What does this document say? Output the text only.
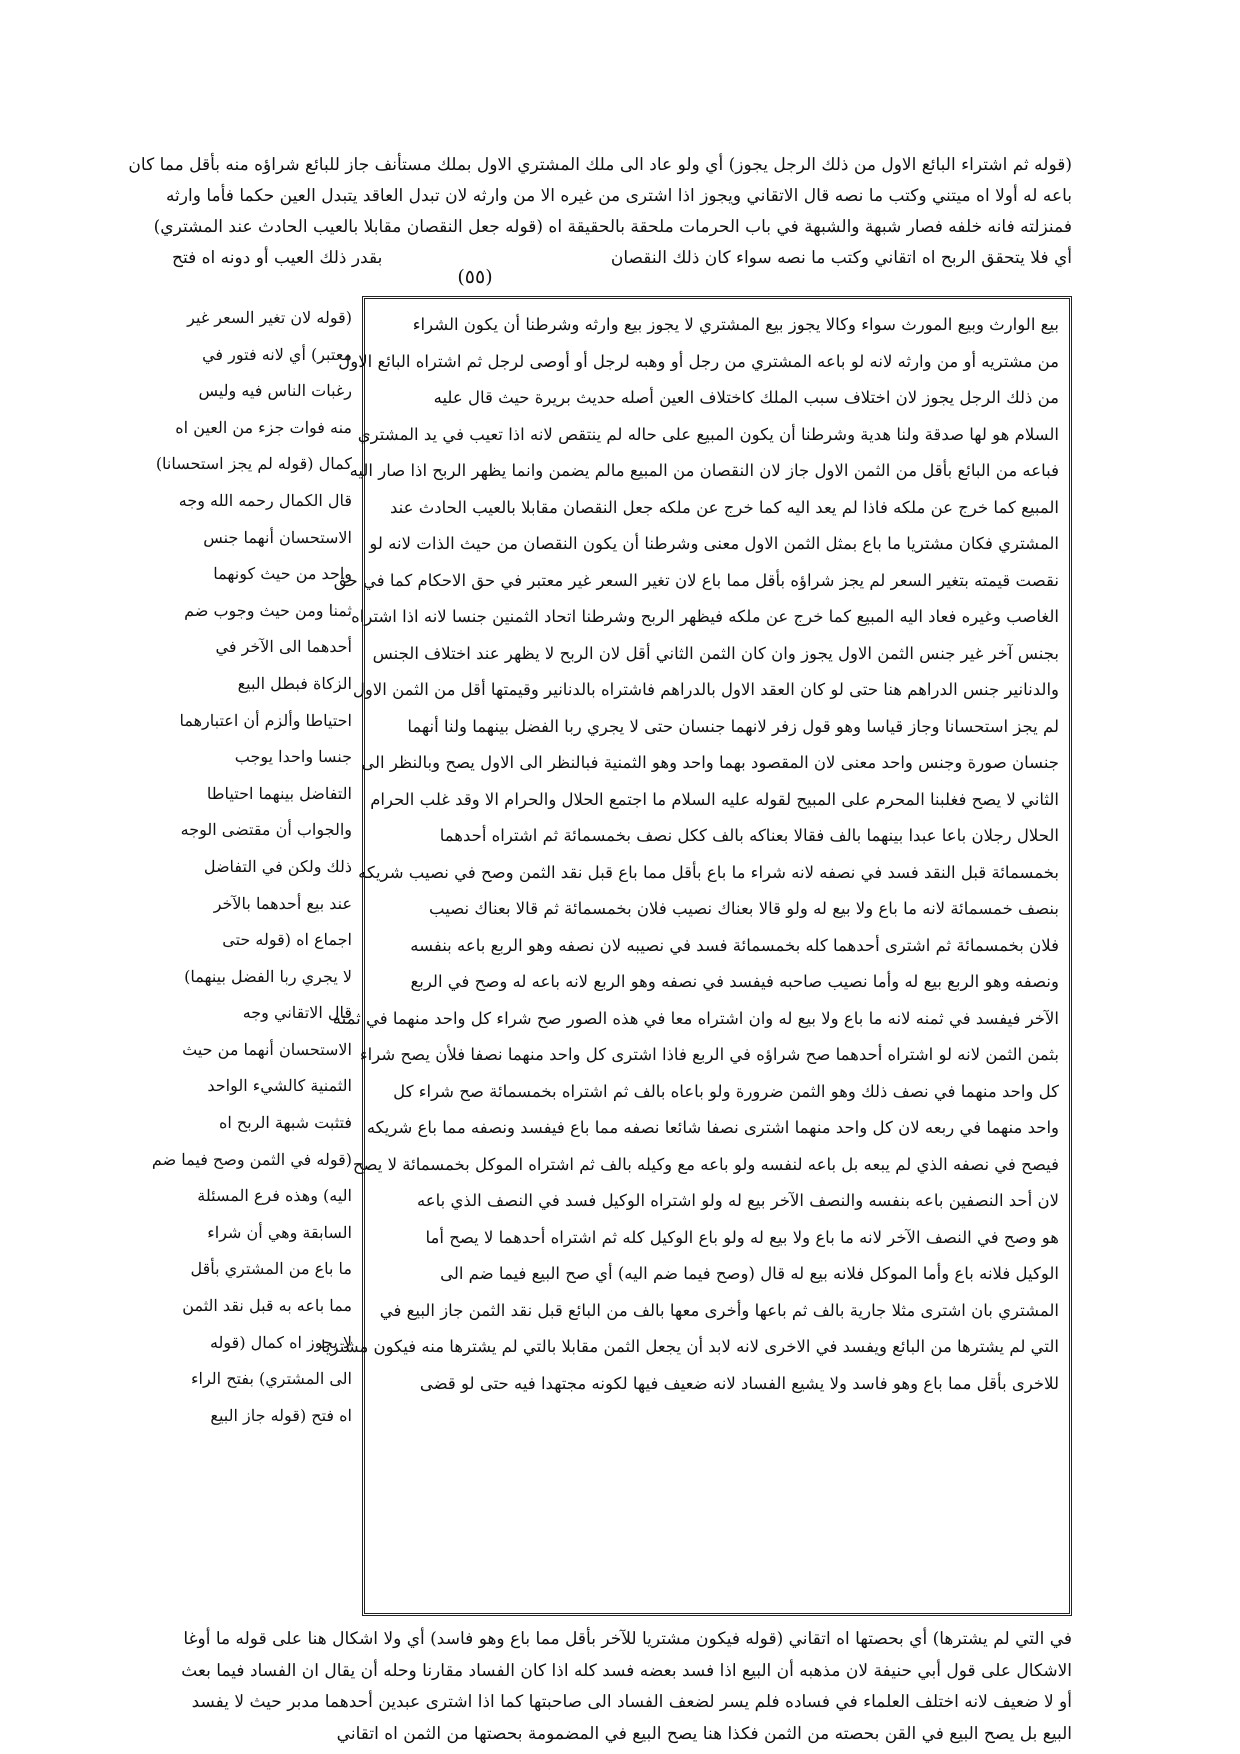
(قوله ثم اشتراء البائع الاول من ذلك الرجل يجوز) أي ولو عاد الى ملك المشتري الاول بملك مستأنف جاز للبائع شراؤه منه بأقل مما كان
باعه له أولا اه ميتني وكتب ما نصه قال الاتقاني ويجوز اذا اشترى من غيره الا من وارثه لان تبدل العاقد يتبدل العين حكما فأما وارثه
فمنزلته فانه خلفه فصار شبهة والشبهة في باب الحرمات ملحقة بالحقيقة اه (قوله جعل النقصان مقابلا بالعيب الحادث عند المشتري)
أي فلا يتحقق الربح اه اتقاني وكتب ما نصه سواء كان ذلك النقصان
بقدر ذلك العيب أو دونه اه فتح
(٥٥)
بيع الوارث وبيع المورث سواء وكالا يجوز بيع المشتري لا يجوز بيع وارثه وشرطنا أن يكون الشراء
من مشتريه أو من وارثه لانه لو باعه المشتري من رجل أو وهبه لرجل أو أوصى لرجل ثم اشتراه البائع الاول
من ذلك الرجل يجوز لان اختلاف سبب الملك كاختلاف العين أصله حديث بريرة حيث قال عليه
السلام هو لها صدقة ولنا هدية وشرطنا أن يكون المبيع على حاله لم ينتقص لانه اذا تعيب في يد المشتري
فباعه من البائع بأقل من الثمن الاول جاز لان النقصان من المبيع مالم يضمن وانما يظهر الربح اذا صار اليه
المبيع كما خرج عن ملكه فاذا لم يعد اليه كما خرج عن ملكه جعل النقصان مقابلا بالعيب الحادث عند
المشتري فكان مشتريا ما باع بمثل الثمن الاول معنى وشرطنا أن يكون النقصان من حيث الذات لانه لو
نقصت قيمته بتغير السعر لم يجز شراؤه بأقل مما باع لان تغير السعر غير معتبر في حق الاحكام كما في حق
الغاصب وغيره فعاد اليه المبيع كما خرج عن ملكه فيظهر الربح وشرطنا اتحاد الثمنين جنسا لانه اذا اشتراه
بجنس آخر غير جنس الثمن الاول يجوز وان كان الثمن الثاني أقل لان الربح لا يظهر عند اختلاف الجنس
والدنانير جنس الدراهم هنا حتى لو كان العقد الاول بالدراهم فاشتراه بالدنانير وقيمتها أقل من الثمن الاول
لم يجز استحسانا وجاز قياسا وهو قول زفر لانهما جنسان حتى لا يجري ربا الفضل بينهما ولنا أنهما
جنسان صورة وجنس واحد معنى لان المقصود بهما واحد وهو الثمنية فبالنظر الى الاول يصح وبالنظر الى
الثاني لا يصح فغلبنا المحرم على المبيح لقوله عليه السلام ما اجتمع الحلال والحرام الا وقد غلب الحرام
الحلال رجلان باعا عبدا بينهما بالف فقالا بعناكه بالف ككل نصف بخمسمائة ثم اشتراه أحدهما
بخمسمائة قبل النقد فسد في نصفه لانه شراء ما باع بأقل مما باع قبل نقد الثمن وصح في نصيب شريكه
بنصف خمسمائة لانه ما باع ولا بيع له ولو قالا بعناك نصيب فلان بخمسمائة ثم قالا بعناك نصيب
فلان بخمسمائة ثم اشترى أحدهما كله بخمسمائة فسد في نصيبه لان نصفه وهو الربع باعه بنفسه
ونصفه وهو الربع بيع له وأما نصيب صاحبه فيفسد في نصفه وهو الربع لانه باعه له وصح في الربع
الآخر فيفسد في ثمنه لانه ما باع ولا بيع له وان اشتراه معا في هذه الصور صح شراء كل واحد منهما في ثمنه
بثمن الثمن لانه لو اشتراه أحدهما صح شراؤه في الربع فاذا اشترى كل واحد منهما نصفا فلأن يصح شراء
كل واحد منهما في نصف ذلك وهو الثمن ضرورة ولو باعاه بالف ثم اشتراه بخمسمائة صح شراء كل
واحد منهما في ربعه لان كل واحد منهما اشترى نصفا شائعا نصفه مما باع فيفسد ونصفه مما باع شريكه
فيصح في نصفه الذي لم يبعه بل باعه لنفسه ولو باعه مع وكيله بالف ثم اشتراه الموكل بخمسمائة لا يصح
لان أحد النصفين باعه بنفسه والنصف الآخر بيع له ولو اشتراه الوكيل فسد في النصف الذي باعه
هو وصح في النصف الآخر لانه ما باع ولا بيع له ولو باع الوكيل كله ثم اشتراه أحدهما لا يصح أما
الوكيل فلانه باع وأما الموكل فلانه بيع له قال (وصح فيما ضم اليه) أي صح البيع فيما ضم الى
المشتري بان اشترى مثلا جارية بالف ثم باعها وأخرى معها بالف من البائع قبل نقد الثمن جاز البيع في
التي لم يشترها من البائع ويفسد في الاخرى لانه لابد أن يجعل الثمن مقابلا بالتي لم يشترها منه فيكون مشتريا
للاخرى بأقل مما باع وهو فاسد ولا يشيع الفساد لانه ضعيف فيها لكونه مجتهدا فيه حتى لو قضى
(قوله لان تغير السعر غير
معتبر) أي لانه فتور في
رغبات الناس فيه وليس
منه فوات جزء من العين اه
كمال (قوله لم يجز استحسانا)
قال الكمال رحمه الله وجه
الاستحسان أنهما جنس
واحد من حيث كونهما
ثمنا ومن حيث وجوب ضم
أحدهما الى الآخر في
الزكاة فبطل البيع
احتياطا وألزم أن اعتبارهما
جنسا واحدا يوجب
التفاضل بينهما احتياطا
والجواب أن مقتضى الوجه
ذلك ولكن في التفاضل
عند بيع أحدهما بالآخر
اجماع اه (قوله حتى
لا يجري ربا الفضل بينهما)
قال الاتقاني وجه
الاستحسان أنهما من حيث
الثمنية كالشيء الواحد
فتثبت شبهة الربح اه
(قوله في الثمن وصح فيما ضم
اليه) وهذه فرع المسئلة
السابقة وهي أن شراء
ما باع من المشتري بأقل
مما باعه به قبل نقد الثمن
لا يجوز اه كمال (قوله
الى المشتري) بفتح الراء
اه فتح (قوله جاز البيع
في التي لم يشترها) أي بحصتها اه اتقاني (قوله فيكون مشتريا للآخر بأقل مما باع وهو فاسد) أي ولا اشكال هنا على قوله ما أوغا
الاشكال على قول أبي حنيفة لان مذهبه أن البيع اذا فسد بعضه فسد كله اذا كان الفساد مقارنا وحله أن يقال ان الفساد فيما بعث
أو لا ضعيف لانه اختلف العلماء في فساده فلم يسر لضعف الفساد الى صاحبتها كما اذا اشترى عبدين أحدهما مدبر حيث لا يفسد
البيع بل يصح البيع في القن بحصته من الثمن فكذا هنا يصح البيع في المضمومة بحصتها من الثمن اه اتقاني
